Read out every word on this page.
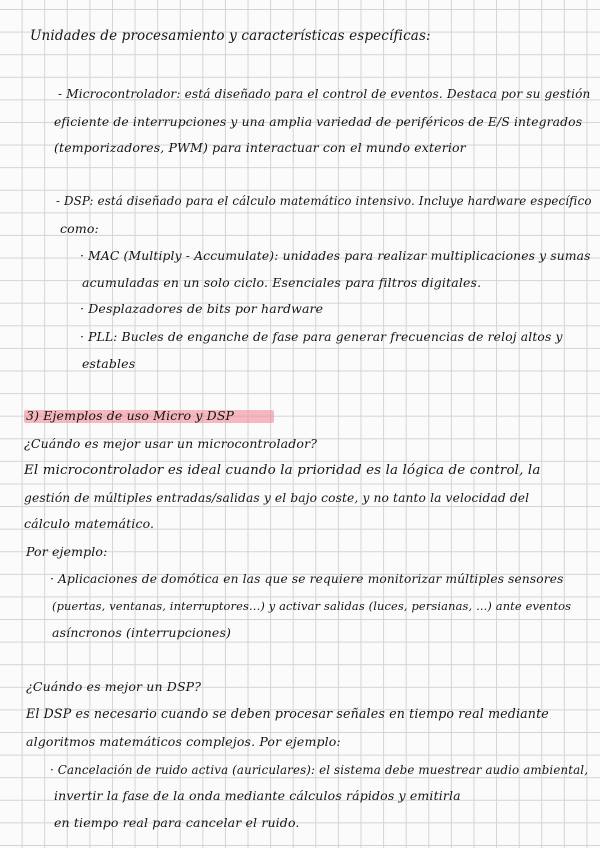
Unidades de procesamiento y características específicas:
- Microcontrolador: está diseñado para el control de eventos. Destaca por su gestión
eficiente de interrupciones y una amplia variedad de periféricos de E/S integrados
(temporizadores, PWM) para interactuar con el mundo exterior
- DSP: está diseñado para el cálculo matemático intensivo. Incluye hardware específico
como:
· MAC (Multiply - Accumulate): unidades para realizar multiplicaciones y sumas
acumuladas en un solo ciclo. Esenciales para filtros digitales.
· Desplazadores de bits por hardware
· PLL: Bucles de enganche de fase para generar frecuencias de reloj altos y
estables
3) Ejemplos de uso Micro y DSP
¿Cuándo es mejor usar un microcontrolador?
El microcontrolador es ideal cuando la prioridad es la lógica de control, la
gestión de múltiples entradas/salidas y el bajo coste, y no tanto la velocidad del
cálculo matemático.
Por ejemplo:
· Aplicaciones de domótica en las que se requiere monitorizar múltiples sensores
(puertas, ventanas, interruptores...) y activar salidas (luces, persianas, ...) ante eventos
asíncronos (interrupciones)
¿Cuándo es mejor un DSP?
El DSP es necesario cuando se deben procesar señales en tiempo real mediante
algoritmos matemáticos complejos. Por ejemplo:
· Cancelación de ruido activa (auriculares): el sistema debe muestrear audio ambiental,
invertir la fase de la onda mediante cálculos rápidos y emitirla
en tiempo real para cancelar el ruido.
